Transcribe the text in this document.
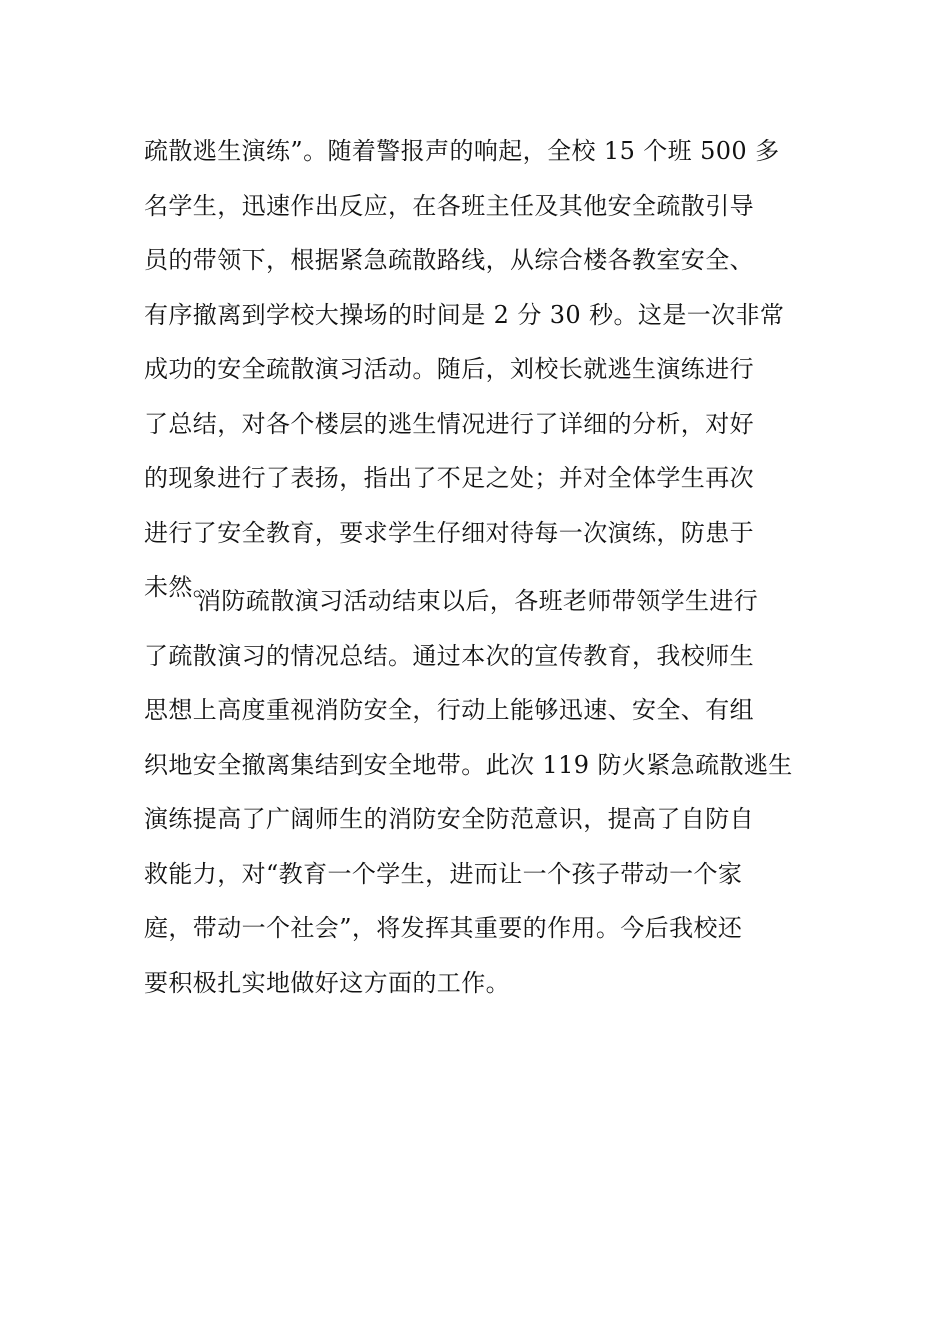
疏散逃生演练”。随着警报声的响起，全校 15 个班 500 多
名学生，迅速作出反应，在各班主任及其他安全疏散引导
员的带领下，根据紧急疏散路线，从综合楼各教室安全、
有序撤离到学校大操场的时间是 2 分 30 秒。这是一次非常
成功的安全疏散演习活动。随后，刘校长就逃生演练进行
了总结，对各个楼层的逃生情况进行了详细的分析，对好
的现象进行了表扬，指出了不足之处；并对全体学生再次
进行了安全教育，要求学生仔细对待每一次演练，防患于
未然。
消防疏散演习活动结束以后，各班老师带领学生进行
了疏散演习的情况总结。通过本次的宣传教育，我校师生
思想上高度重视消防安全，行动上能够迅速、安全、有组
织地安全撤离集结到安全地带。此次 119 防火紧急疏散逃生
演练提高了广阔师生的消防安全防范意识，提高了自防自
救能力，对“教育一个学生，进而让一个孩子带动一个家
庭，带动一个社会”，将发挥其重要的作用。今后我校还
要积极扎实地做好这方面的工作。
